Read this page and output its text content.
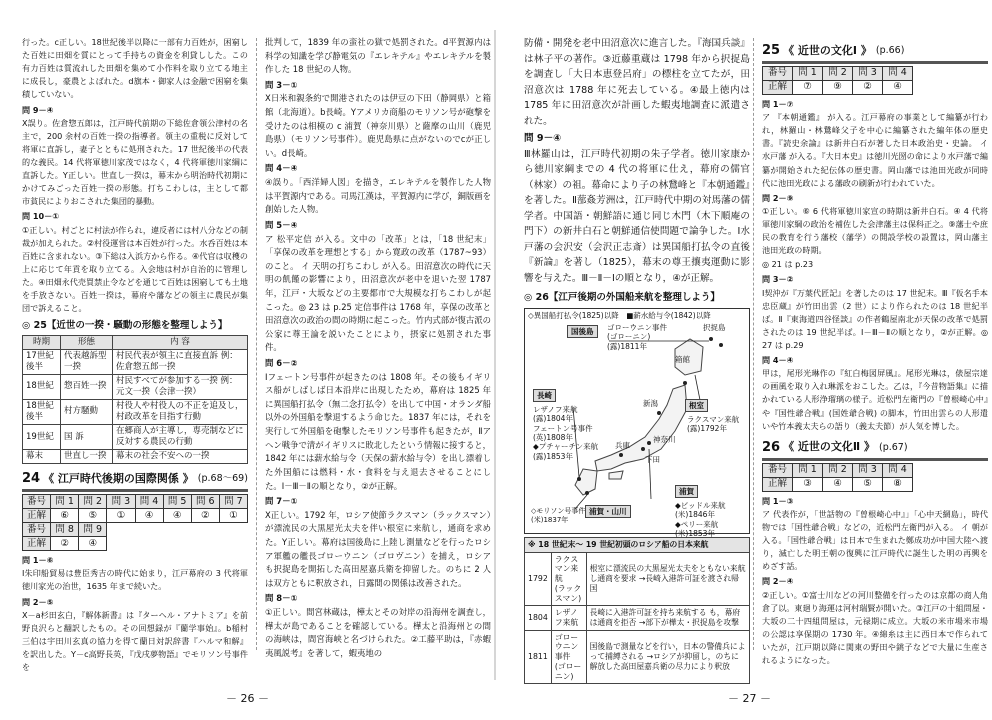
行った。c正しい。18世紀後半以降に一部有力百姓が，困窮した百姓に田畑を質にとって手持ちの資金を利貸しした。この有力百姓は質流れした田畑を集めて小作料を取り立てる地主に成長し，豪農とよばれた。d旗本・御家人は金融で困窮を集積していない。
問 9－④
X誤り。佐倉惣五郎は，江戸時代前期の下総佐倉領公津村の名主で，200 余村の百姓一揆の指導者。領主の重税に反対して将軍に直訴し，妻子とともに処刑された。17 世紀後半の代表的な義民。14 代将軍徳川家茂ではなく，4 代将軍徳川家綱に直訴した。Y正しい。世直し一揆は，幕末から明治時代初期にかけてみごった百姓一揆の形態。打ちこわしは，主として都市貧民によりおこされた集団的暴動。
問 10－①
①正しい。村ごとに村法が作られ，違反者には村八分などの制裁が加えられた。②村役運営は本百姓が行った。水呑百姓は本百姓に含まれない。③下総は入浜方から作る。④代官は収穫の上に応じて年貢を取り立てる。入会地は村が自治的に管理した。④田畑永代売買禁止令などを通じて百姓は困窮しても土地を手放さない。百姓一揆は，幕府や藩などの領主に農民が集団で訴えること。
◎ 25【近世の一揆・騒動の形態を整理しよう】
時期	形態	内 容
17世紀後半	代表越訴型一揆	村民代表が領主に直接直訴 例：佐倉惣五郎一揆
18世紀	惣百姓一揆	村民すべてが参加する一揆 例：元文一揆（会津一揆）
18世紀後半	村方騒動	村役人や村役人の不正を追及し，村政改革を目指す行動
19世紀	国 訴	在郷商人が主導し，専売制などに反対する農民の行動
幕末	世直し一揆	幕末の社会不安への一揆
24 《 江戸時代後期の国際関係 》 (p.68〜69)
番号	問 1	問 2	問 3	問 4	問 5	問 6	問 7
正解	⑥	⑤	①	④	④	②	①
番号	問 8	問 9					
正解	②	④					
問 1－⑥
Ⅰ朱印船貿易は豊臣秀吉の時代に始まり，江戸幕府の 3 代将軍徳川家光の治世，1635 年まで続いた。
問 2－⑤
X－a杉田玄白，『解体新書』は『ターヘル・アナトミア』を前野良沢らと翻訳したもの。その回想録が『蘭学事始』。b稲村三伯は宇田川玄真の協力を得て蘭日対訳辞書『ハルマ和解』を訳出した。Y－c高野長英，『戊戌夢物語』でモリソン号事件を
批判して，1839 年の蛮社の獄で処罰された。d平賀源内は科学の知識を学び静電気の『エレキテル』やエレキテルを製作した 18 世紀の人物。
問 3－①
X日米和親条約で開港されたのは伊豆の下田（静岡県）と箱館（北海道）。b長崎。Yアメリカ商船のモリソン号が砲撃を受けたのは相模の c 浦賀（神奈川県）と薩摩の山川（鹿児島県）（モリソン号事件）。鹿児島県に点がないのでcが正しい。d長崎。
問 4－④
④誤り。「西洋婦人図」を描き，エレキテルを製作した人物は平賀源内である。司馬江漢は，平賀源内に学び，銅版画を創始した人物。
問 5－④
ア 松平定信 が入る。文中の「改革」とは，「18 世紀末」「享保の改革を理想とする」から寛政の改革（1787~93）のこと。 イ 天明の打ちこわし が入る。田沼意次の時代に天明の飢饉の影響により，田沼意次が老中を退いた翌 1787 年，江戸・大坂などの主要都市で大規模な打ちこわしが起こった。◎ 23 は p.25 定信事件は 1768 年，享保の改革と田沼意次の政治の間の時期に起こった。竹内式部が復古派の公家に尊王論を説いたことにより，摂家に処罰された事件。
問 6－②
Ⅰフェートン号事件が起きたのは 1808 年。その後もイギリス船がしばしば日本沿岸に出現したため，幕府は 1825 年に異国船打払令（無二念打払令）を出して中国・オランダ船以外の外国船を撃退するよう命じた。1837 年には，それを実行して外国船を砲撃したモリソン号事件も起きたが，Ⅱアヘン戦争で清がイギリスに敗北したという情報に接すると，1842 年には薪水給与令（天保の薪水給与令）を出し漂着した外国船には燃料・水・食料を与え退去させることにした。Ⅰ－Ⅲ－Ⅱの順となり，②が正解。
問 7－①
X正しい。1792 年，ロシア使節ラクスマン（ラックスマン）が漂流民の大黒屋光太夫を伴い根室に来航し，通商を求めた。Y正しい。幕府は国後島に上陸し測量などを行ったロシア軍艦の艦長ゴローウニン（ゴロヴニン）を捕え，ロシアも択捉島を開拓した高田屋嘉兵衛を抑留した。のちに 2 人は双方ともに釈放され，日露間の関係は改善された。
問 8－①
①正しい。間宮林蔵は，樺太とその対岸の沿海州を調査し，樺太が島であることを確認している。樺太と沿海州との間の海峡は，間宮海峡と名づけられた。②工藤平助は，『赤蝦夷風説考』を著して，蝦夷地の
防備・開発を老中田沼意次に進言した。『海国兵談』は林子平の著作。③近藤重蔵は 1798 年から択捉島を調査し「大日本恵登呂府」の標柱を立てたが，田沼意次は 1788 年に死去している。④最上徳内は 1785 年に田沼意次が計画した蝦夷地調査に派遣された。
問 9－④
Ⅲ林羅山は，江戸時代初期の朱子学者。徳川家康から徳川家綱までの 4 代の将軍に仕え，幕府の儒官（林家）の祖。幕命により子の林鵞峰と『本朝通鑑』を著した。Ⅱ蔀姦芳洲は，江戸時代中期の対馬藩の儒学者。中国語・朝鮮語に通じ同じ木門（木下順庵の門下）の新井白石と朝鮮通信使問題で論争した。Ⅰ水戸藩の会沢安（会沢正志斎）は異国船打払令の直後『新論』を著し（1825），幕末の尊王攘夷運動に影響を与えた。Ⅲ－Ⅱ－Ⅰの順となり，④が正解。
◎ 26【江戸後期の外国船来航を整理しよう】
◇異国船打払令(1825)以降　■薪水給与令(1842)以降
国後島	ゴローウニン事件
(ゴローニン)
(露)1811年
択捉島
長崎
レザノフ来航
(露)1804年
フェートン号事件
(英)1808年
◆プチャーチン来航
(露)1853年
箱館
新潟	根室
ラクスマン来航
(露)1792年
神奈川
兵庫
下田
浦賀・山川
◇モリソン号事件
(米)1837年
浦賀
◆ビッドル来航
(米)1846年
◆ペリー来航
(米)1853年
※ 18 世紀末～ 19 世紀初頭のロシア船の日本来航		
1792	ラクスマン来航
(ラックスマン)	根室に漂流民の大黒屋光太夫をともない来航し通商を要求 →長崎入港許可証を渡され帰国
1804	レザノフ来航	長崎に入港許可証を持ち来航する も，幕府は通商を拒否 →部下が樺太・択捉島を攻撃
1811	ゴローウニン事件
(ゴローニン)	国後島で測量などを行い，日本の警備兵によって捕縛される →ロシアが抑留し，のちに解放した高田屋嘉兵衛の尽力により釈放
25 《 近世の文化Ⅰ 》 (p.66)
番号	問 1	問 2	問 3	問 4
正解	⑦	⑨	②	④
問 1－⑦
ア 『本朝通鑑』 が入る。江戸幕府の事業として編纂が行われ，林羅山・林鵞峰父子を中心に編纂された編年体の歴史書。『読史余論』は新井白石が著した日本政治史・史論。 イ 水戸藩 が入る。『大日本史』は徳川光圀の命により水戸藩で編纂が開始された紀伝体の歴史書。岡山藩では池田光政が同時代に池田光政による藩政の刷新が行われていた。
問 2－⑨
①正しい。⑥ 6 代将軍徳川家宣の時期は新井白石。④ 4 代将軍徳川家綱の政治を補佐した会津藩主は保科正之。⑨藩士や庶民の教育を行う藩校（藩学）の開設学校の設置は，岡山藩主池田光政の時期。
◎ 21 は p.23
問 3－②
Ⅰ契沖が『万葉代匠記』を著したのは 17 世紀末。Ⅲ『仮名手本忠臣蔵』が竹田出雲（2 世）により作られたのは 18 世紀半ば。Ⅱ『東海道四谷怪談』の作者鶴屋南北が天保の改革で処罰されたのは 19 世紀半ば。Ⅰ－Ⅲ－Ⅱの順となり，②が正解。◎ 27 は p.29
問 4－④
甲は，尾形光琳作の『紅白梅図屏風』。尾形光琳は，俵屋宗達の画風を取り入れ琳派をおこした。乙は，『今昔物語集』に描かれている人形浄瑠璃の様子。近松門左衛門の『曽根崎心中』や『国性爺合戦』(国姓爺合戦) の脚本，竹田出雲らの人形遣いや竹本義太夫らの語り（義太夫節）が人気を博した。
26 《 近世の文化Ⅱ 》 (p.67)
番号	問 1	問 2	問 3	問 4
正解	③	④	⑤	⑧
問 1－③
ア 代表作が，「世話物の『曽根崎心中』」「心中天網島」，時代物では「国性爺合戦」などの，近松門左衛門が入る。 イ 朝が入る。「国性爺合戦」は日本で生まれた鄭成功が中国大陸へ渡り，滅亡した明王朝の復興に江戸時代に誕生した明の再興をめざす話。
問 2－④
②正しい。①富士川などの河川整備を行ったのは京都の商人角倉了以。東廻り海運は河村瑞賢が開いた。③江戸の十組問屋・大坂の二十四組問屋は，元禄期に成立。大坂の米市場米市場の公認は享保期の 1730 年。④綿糸は主に西日本で作られていたが，江戸期以降に関東の野田や銚子などで大量に生産されるようになった。
－ 26 －	－ 27 －
